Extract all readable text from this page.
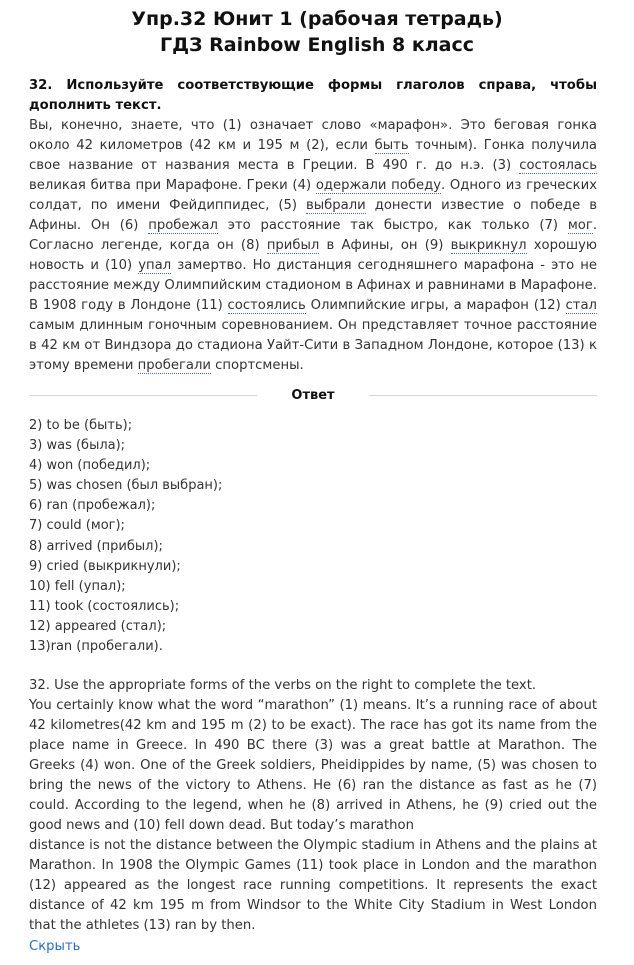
Упр.32 Юнит 1 (рабочая тетрадь)
ГДЗ Rainbow English 8 класс
32. Используйте соответствующие формы глаголов справа, чтобы дополнить текст.
Вы, конечно, знаете, что (1) означает слово «марафон». Это беговая гонка около 42 километров (42 км и 195 м (2), если быть точным). Гонка получила свое название от названия места в Греции. В 490 г. до н.э. (3) состоялась великая битва при Марафоне. Греки (4) одержали победу. Одного из греческих солдат, по имени Фейдиппидес, (5) выбрали донести известие о победе в Афины. Он (6) пробежал это расстояние так быстро, как только (7) мог. Согласно легенде, когда он (8) прибыл в Афины, он (9) выкрикнул хорошую новость и (10) упал замертво. Но дистанция сегодняшнего марафона - это не расстояние между Олимпийским стадионом в Афинах и равнинами в Марафоне. В 1908 году в Лондоне (11) состоялись Олимпийские игры, а марафон (12) стал самым длинным гоночным соревнованием. Он представляет точное расстояние в 42 км от Виндзора до стадиона Уайт-Сити в Западном Лондоне, которое (13) к этому времени пробегали спортсмены.
Ответ
2) to be (быть);
3) was (была);
4) won (победил);
5) was chosen (был выбран);
6) ran (пробежал);
7) could (мог);
8) arrived (прибыл);
9) cried (выкрикнули);
10) fell (упал);
11) took (состоялись);
12) appeared (стал);
13)ran (пробегали).
32. Use the appropriate forms of the verbs on the right to complete the text.
You certainly know what the word “marathon” (1) means. It’s a running race of about 42 kilometres(42 km and 195 m (2) to be exact). The race has got its name from the place name in Greece. In 490 BC there (3) was a great battle at Marathon. The Greeks (4) won. One of the Greek soldiers, Pheidippides by name, (5) was chosen to bring the news of the victory to Athens. He (6) ran the distance as fast as he (7) could. According to the legend, when he (8) arrived in Athens, he (9) cried out the good news and (10) fell down dead. But today’s marathon
distance is not the distance between the Olympic stadium in Athens and the plains at Marathon. In 1908 the Olympic Games (11) took place in London and the marathon (12) appeared as the longest race running competitions. It represents the exact distance of 42 km 195 m from Windsor to the White City Stadium in West London that the athletes (13) ran by then.
Скрыть
